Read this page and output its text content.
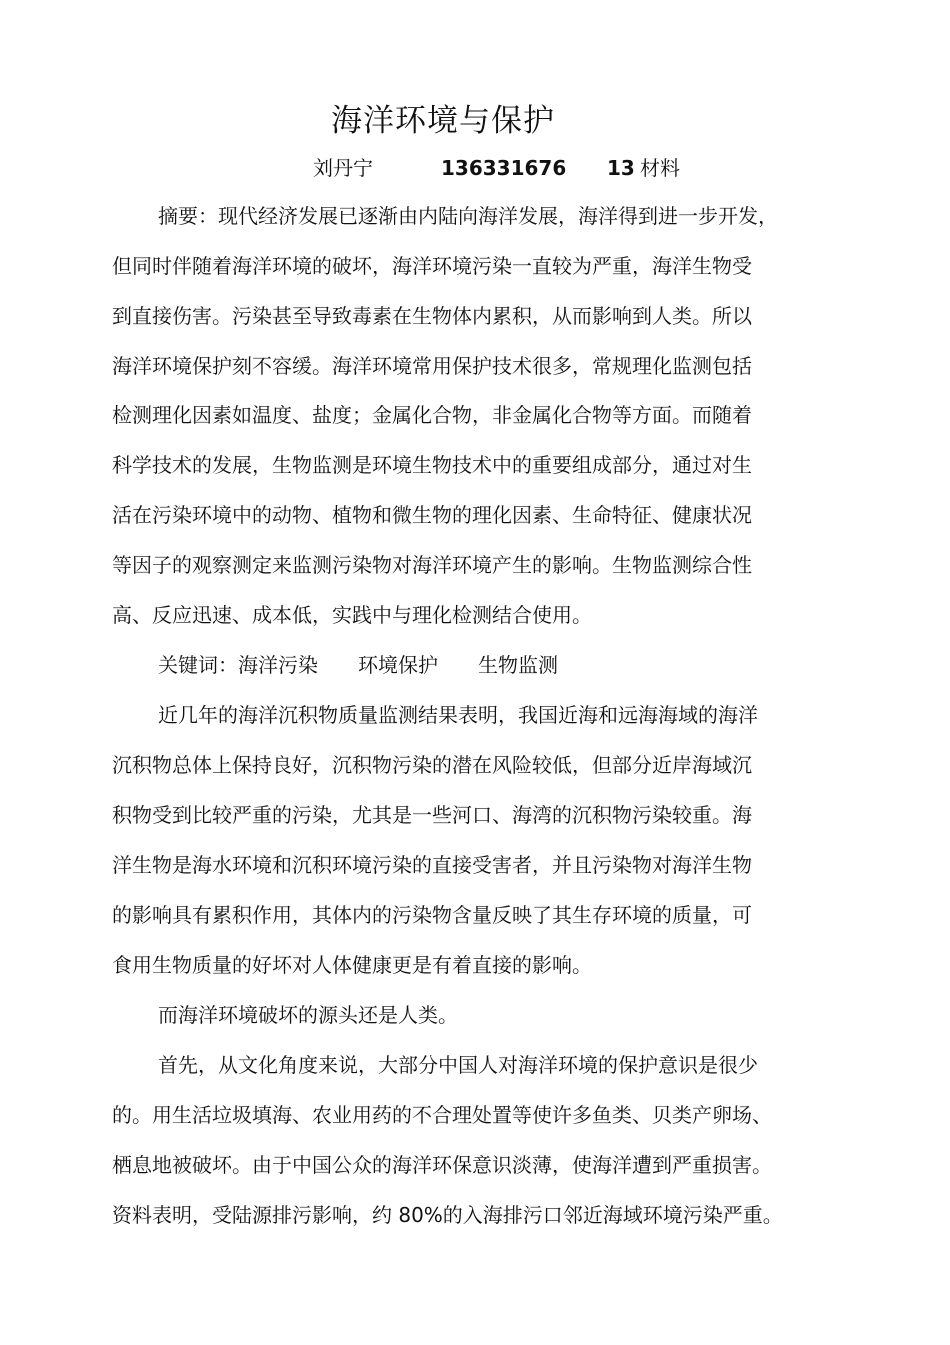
海洋环境与保护
刘丹宁	136331676 13 材料
摘要：现代经济发展已逐渐由内陆向海洋发展，海洋得到进一步开发，
但同时伴随着海洋环境的破坏，海洋环境污染一直较为严重，海洋生物受
到直接伤害。污染甚至导致毒素在生物体内累积，从而影响到人类。所以
海洋环境保护刻不容缓。海洋环境常用保护技术很多，常规理化监测包括
检测理化因素如温度、盐度；金属化合物，非金属化合物等方面。而随着
科学技术的发展，生物监测是环境生物技术中的重要组成部分，通过对生
活在污染环境中的动物、植物和微生物的理化因素、生命特征、健康状况
等因子的观察测定来监测污染物对海洋环境产生的影响。生物监测综合性
高、反应迅速、成本低，实践中与理化检测结合使用。
关键词：海洋污染　　环境保护　　生物监测
近几年的海洋沉积物质量监测结果表明，我国近海和远海海域的海洋
沉积物总体上保持良好，沉积物污染的潜在风险较低，但部分近岸海域沉
积物受到比较严重的污染，尤其是一些河口、海湾的沉积物污染较重。海
洋生物是海水环境和沉积环境污染的直接受害者，并且污染物对海洋生物
的影响具有累积作用，其体内的污染物含量反映了其生存环境的质量，可
食用生物质量的好坏对人体健康更是有着直接的影响。
而海洋环境破坏的源头还是人类。
首先，从文化角度来说，大部分中国人对海洋环境的保护意识是很少
的。用生活垃圾填海、农业用药的不合理处置等使许多鱼类、贝类产卵场、
栖息地被破坏。由于中国公众的海洋环保意识淡薄，使海洋遭到严重损害。
资料表明，受陆源排污影响，约 80%的入海排污口邻近海域环境污染严重。
